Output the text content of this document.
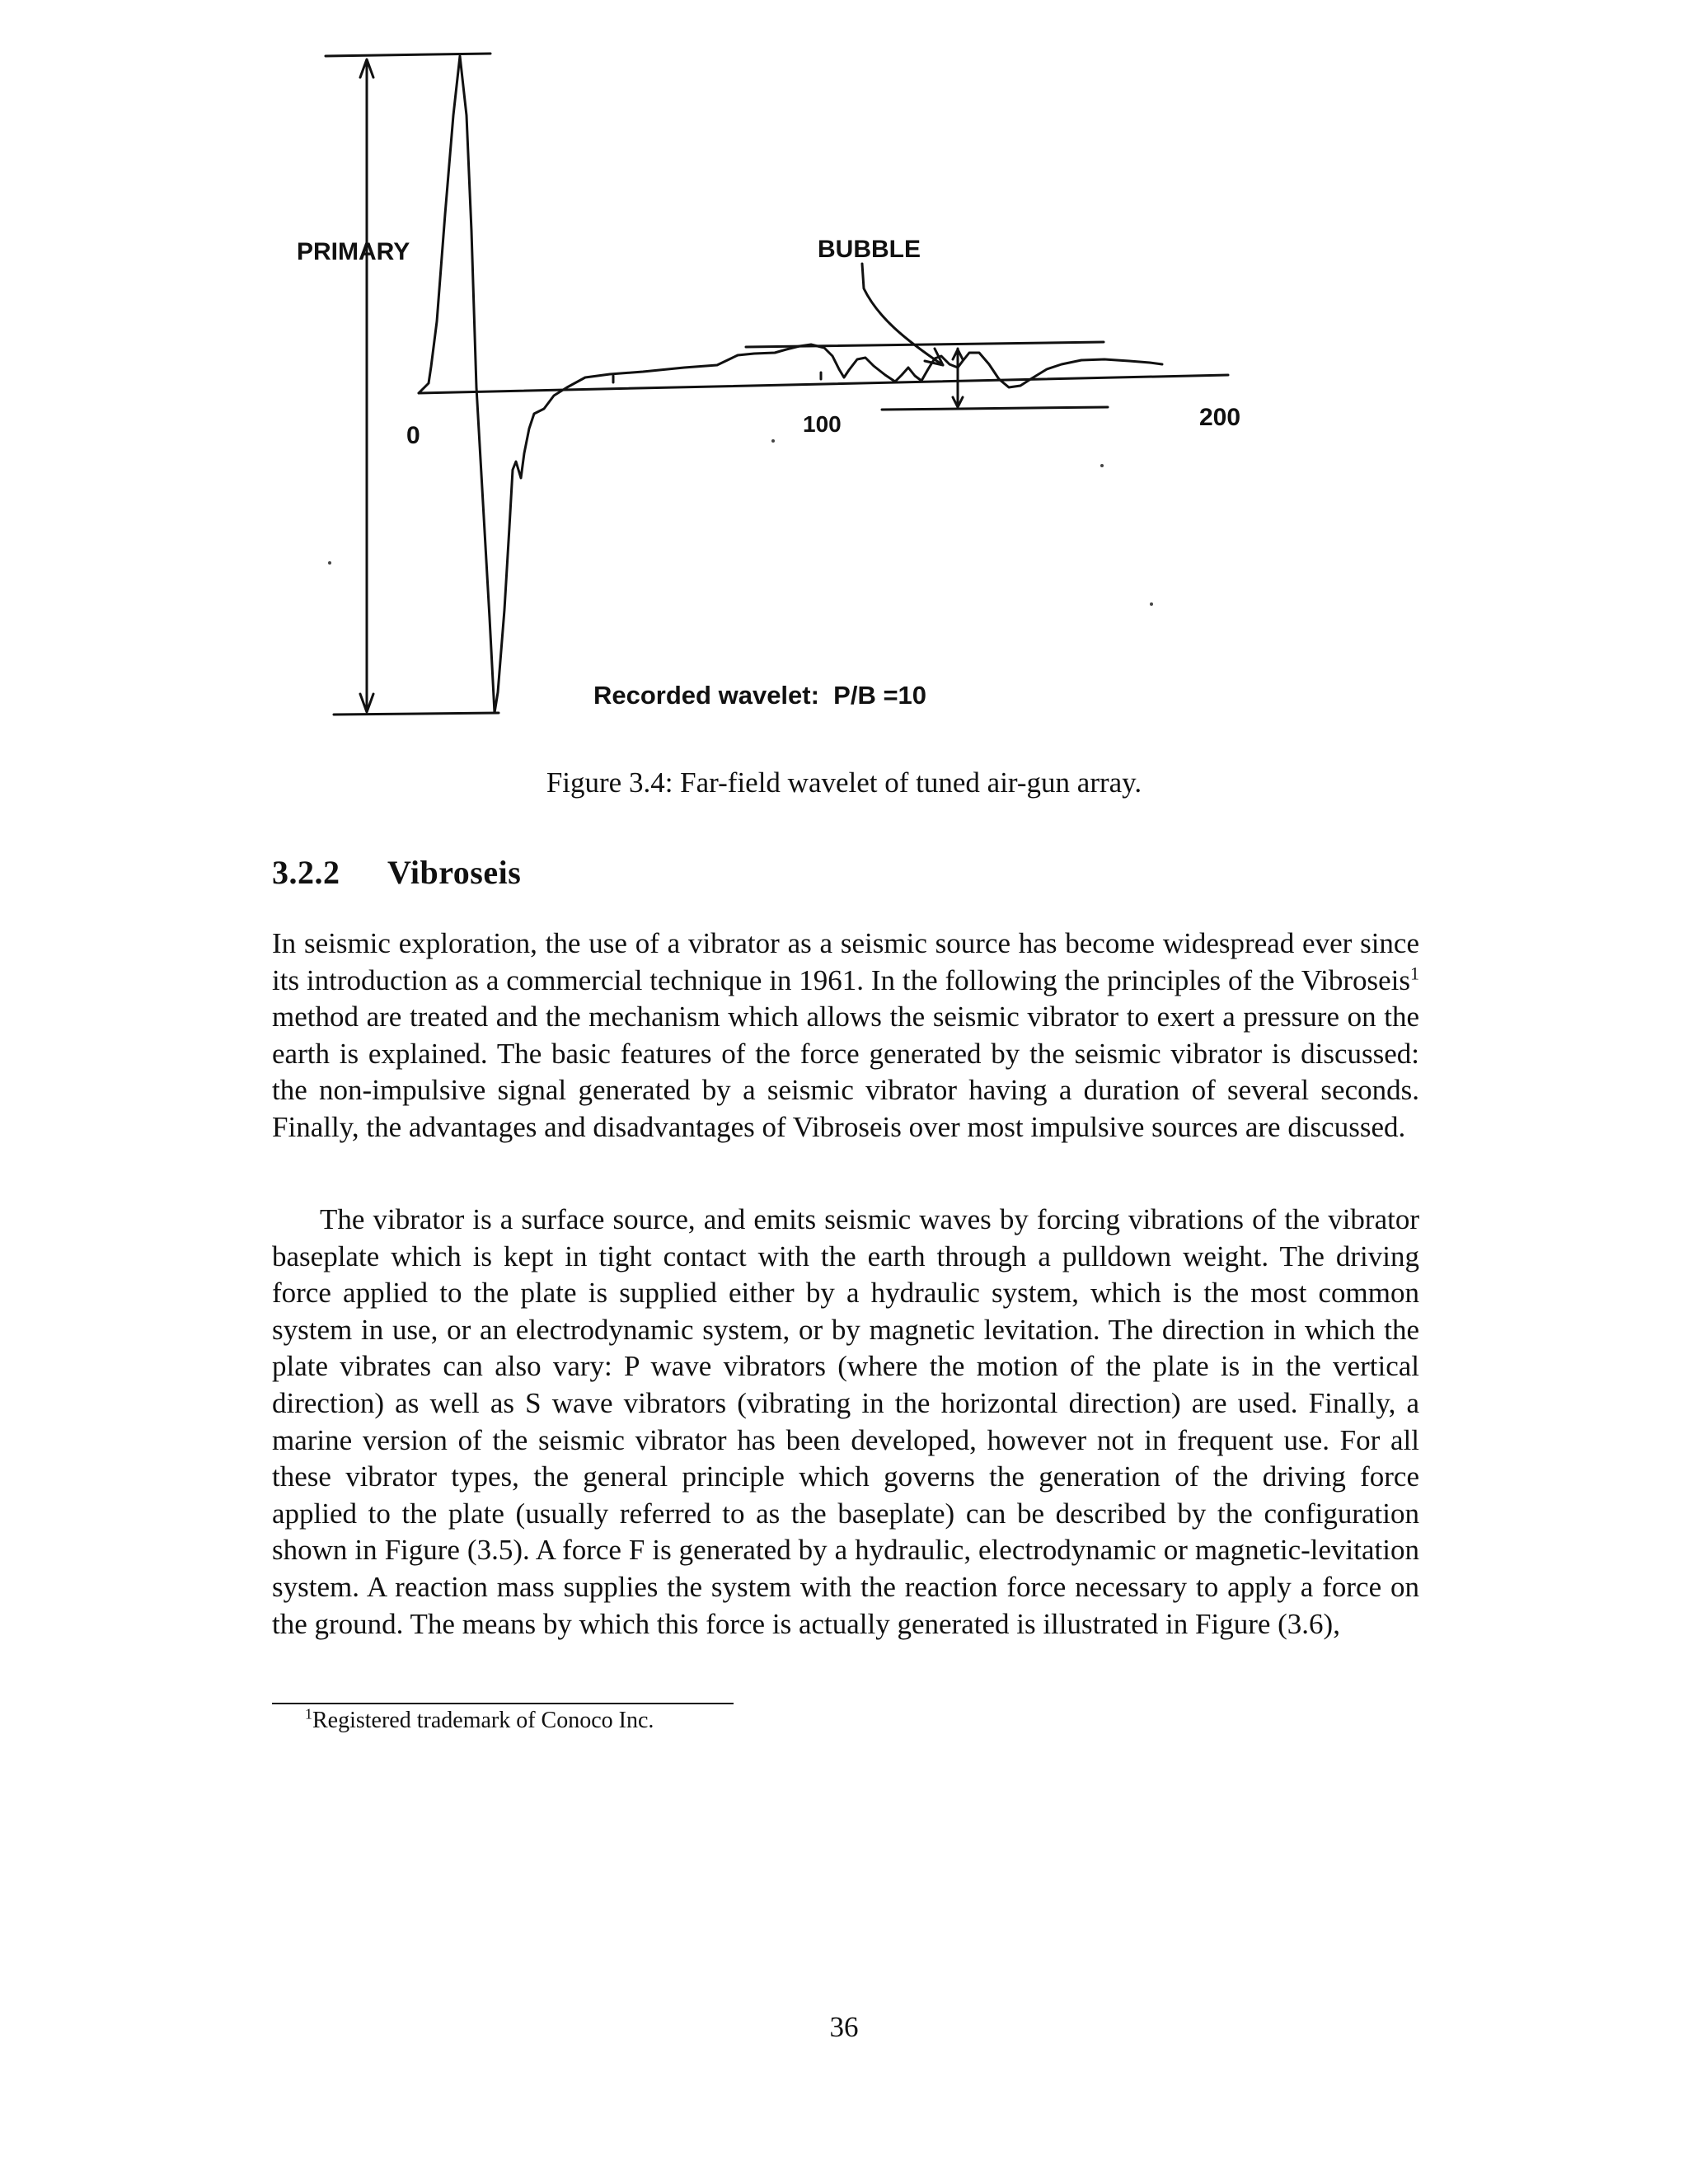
PRIMARY	BUBBLE
0	100	200
Recorded wavelet:  P/B =10
Figure 3.4: Far-field wavelet of tuned air-gun array.
3.2.2 Vibroseis

In seismic exploration, the use of a vibrator as a seismic source has become widespread ever since its introduction as a commercial technique in 1961. In the following the principles of the Vibroseis$^1$ method are treated and the mechanism which allows the seismic vibrator to exert a pressure on the earth is explained. The basic features of the force generated by the seismic vibrator is discussed: the non-impulsive signal generated by a seismic vibrator having a duration of several seconds. Finally, the advantages and disadvantages of Vibroseis over most impulsive sources are discussed.

The vibrator is a surface source, and emits seismic waves by forcing vibrations of the vibrator baseplate which is kept in tight contact with the earth through a pulldown weight. The driving force applied to the plate is supplied either by a hydraulic system, which is the most common system in use, or an electrodynamic system, or by magnetic levitation. The direction in which the plate vibrates can also vary: P wave vibrators (where the motion of the plate is in the vertical direction) as well as S wave vibrators (vibrating in the horizontal direction) are used. Finally, a marine version of the seismic vibrator has been developed, however not in frequent use. For all these vibrator types, the general principle which governs the generation of the driving force applied to the plate (usually referred to as the baseplate) can be described by the configuration shown in Figure (3.5). A force F is generated by a hydraulic, electrodynamic or magnetic-levitation system. A reaction mass supplies the system with the reaction force necessary to apply a force on the ground. The means by which this force is actually generated is illustrated in Figure (3.6),

$^1$Registered trademark of Conoco Inc.
36
